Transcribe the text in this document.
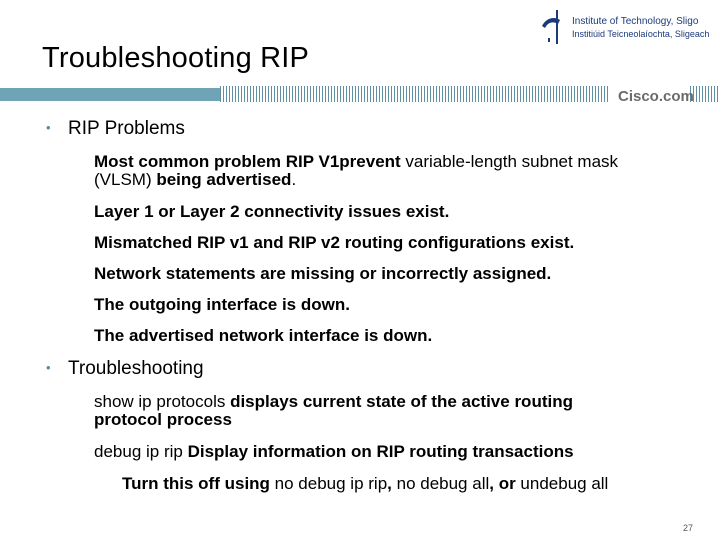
Institute of Technology, Sligo
Institiúid Teicneolaíochta, Sligeach
Troubleshooting RIP
Cisco.com
• RIP Problems
Most common problem RIP V1prevent variable-length subnet mask
(VLSM) being advertised.
Layer 1 or Layer 2 connectivity issues exist.
Mismatched RIP v1 and RIP v2 routing configurations exist.
Network statements are missing or incorrectly assigned.
The outgoing interface is down.
The advertised network interface is down.
• Troubleshooting
show ip protocols displays current state of the active routing
protocol process
debug ip rip Display information on RIP routing transactions
Turn this off using no debug ip rip, no debug all, or undebug all
27
